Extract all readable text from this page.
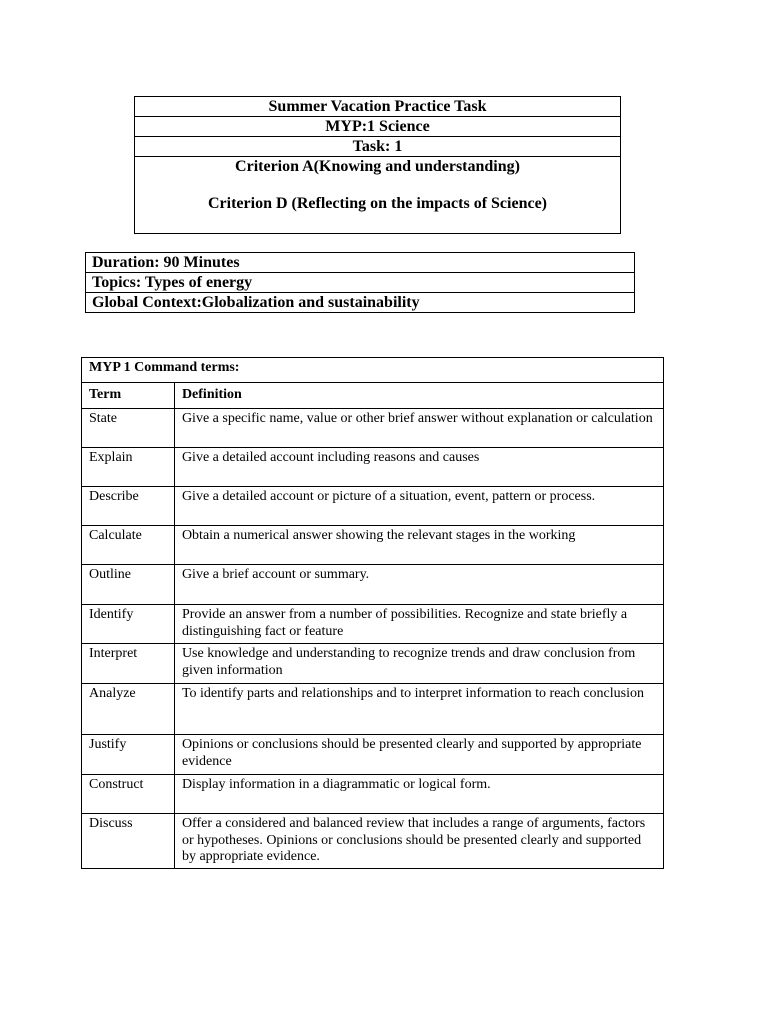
Summer Vacation Practice Task
MYP:1 Science
Task: 1

Criterion A(Knowing and understanding)
Criterion D (Reflecting on the impacts of Science)
Duration: 90 Minutes
Topics: Types of energy
Global Context:Globalization and sustainability
MYP 1 Command terms:	
Term	Definition
State	Give a specific name, value or other brief answer without explanation or calculation
Explain	Give a detailed account including reasons and causes
Describe	Give a detailed account or picture of a situation, event, pattern or process.
Calculate	Obtain a numerical answer showing the relevant stages in the working
Outline	Give a brief account or summary.
Identify	Provide an answer from a number of possibilities. Recognize and state briefly a distinguishing fact or feature
Interpret	Use knowledge and understanding to recognize trends and draw conclusion from given information
Analyze	To identify parts and relationships and to interpret information to reach conclusion
Justify	Opinions or conclusions should be presented clearly and supported by appropriate evidence
Construct	Display information in a diagrammatic or logical form.
Discuss	Offer a considered and balanced review that includes a range of arguments, factors or hypotheses. Opinions or conclusions should be presented clearly and supported by appropriate evidence.
